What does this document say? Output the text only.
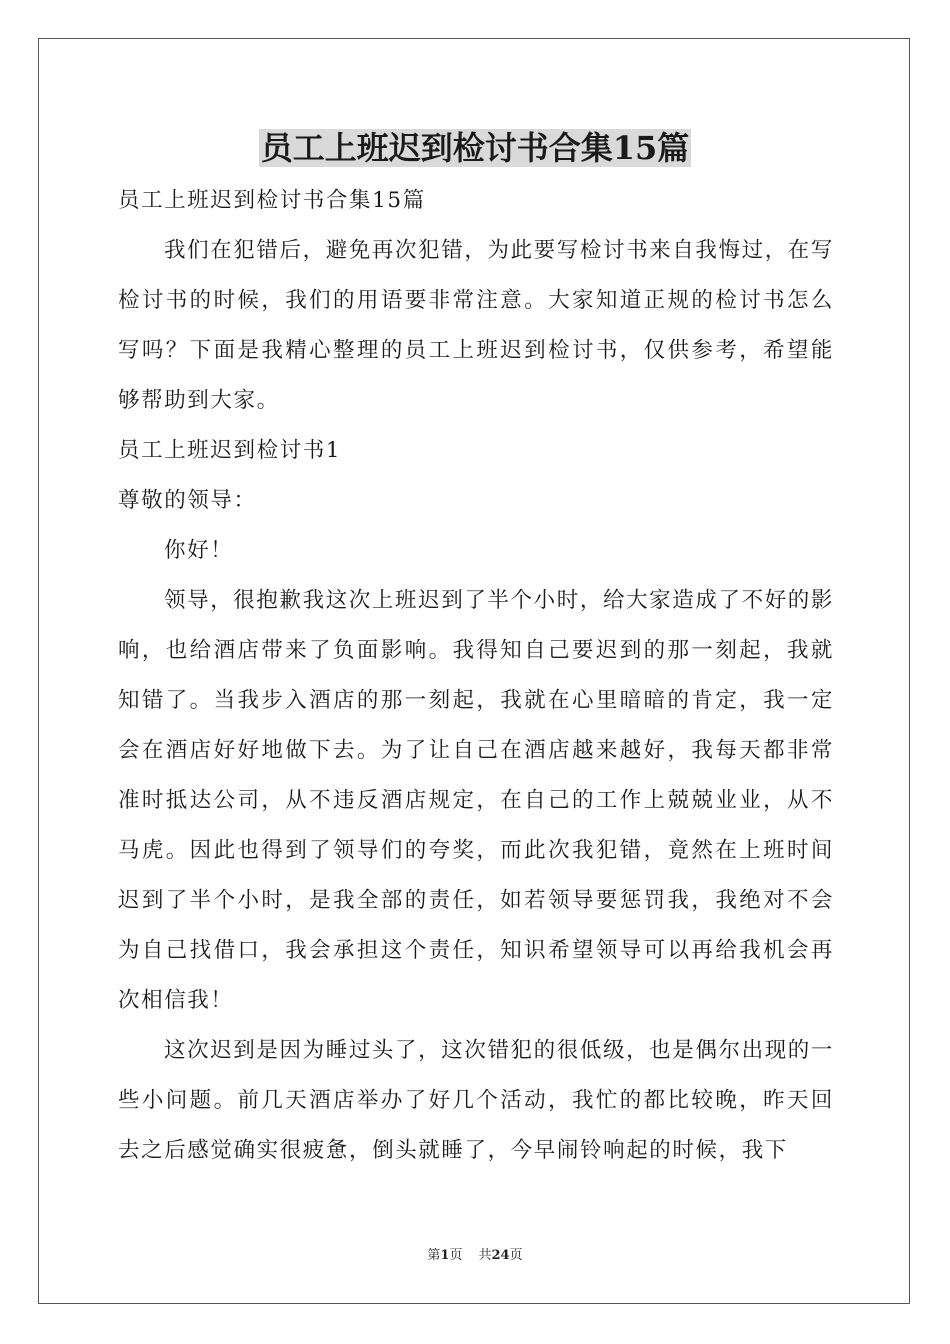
员工上班迟到检讨书合集15篇

员工上班迟到检讨书合集15篇

我们在犯错后，避免再次犯错，为此要写检讨书来自我悔过，在写检讨书的时候，我们的用语要非常注意。大家知道正规的检讨书怎么写吗？下面是我精心整理的员工上班迟到检讨书，仅供参考，希望能够帮助到大家。

员工上班迟到检讨书1

尊敬的领导：

你好！

领导，很抱歉我这次上班迟到了半个小时，给大家造成了不好的影响，也给酒店带来了负面影响。我得知自己要迟到的那一刻起，我就知错了。当我步入酒店的那一刻起，我就在心里暗暗的肯定，我一定会在酒店好好地做下去。为了让自己在酒店越来越好，我每天都非常准时抵达公司，从不违反酒店规定，在自己的工作上兢兢业业，从不马虎。因此也得到了领导们的夸奖，而此次我犯错，竟然在上班时间迟到了半个小时，是我全部的责任，如若领导要惩罚我，我绝对不会为自己找借口，我会承担这个责任，知识希望领导可以再给我机会再次相信我！

这次迟到是因为睡过头了，这次错犯的很低级，也是偶尔出现的一些小问题。前几天酒店举办了好几个活动，我忙的都比较晚，昨天回去之后感觉确实很疲惫，倒头就睡了，今早闹铃响起的时候，我下

第1页 共24页
